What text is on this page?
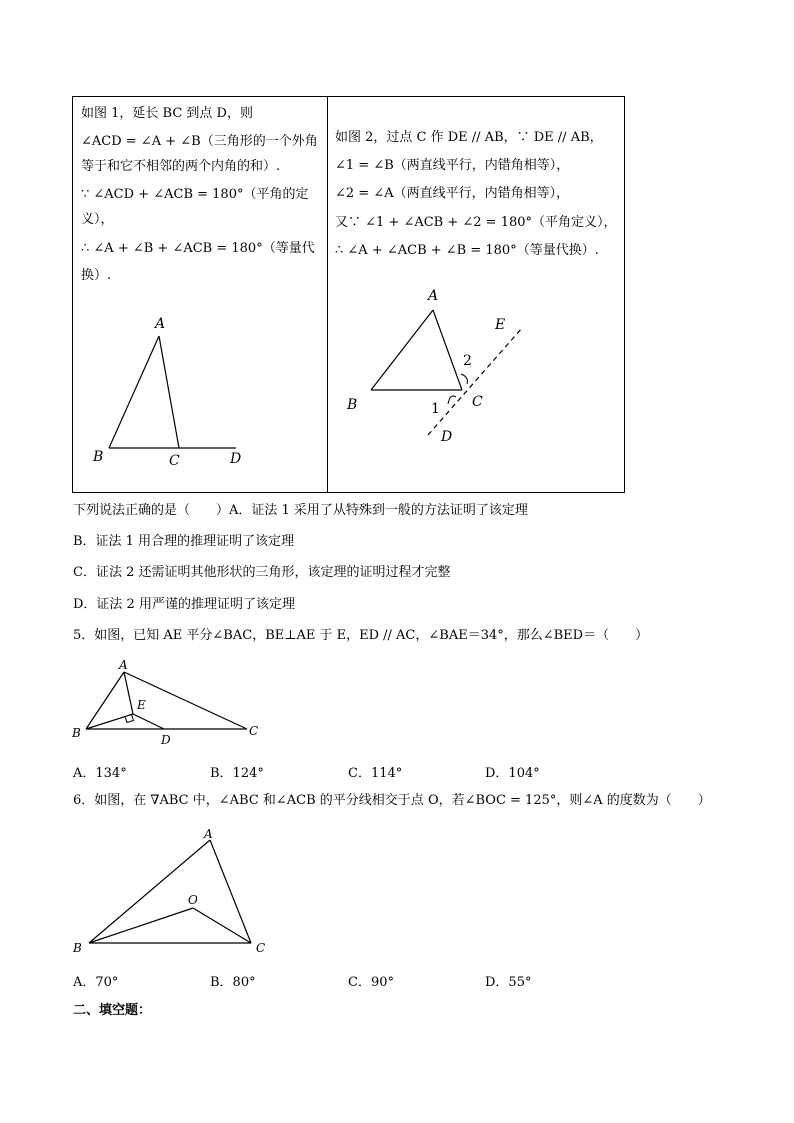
如图 1，延长 BC 到点 D，则
∠ACD = ∠A + ∠B（三角形的一个外角
等于和它不相邻的两个内角的和）.
∵ ∠ACD + ∠ACB = 180°（平角的定
义），
∴ ∠A + ∠B + ∠ACB = 180°（等量代
换）.
A
B	C	D
如图 2，过点 C 作 DE // AB，∵ DE // AB，
∠1 = ∠B（两直线平行，内错角相等），
∠2 = ∠A（两直线平行，内错角相等），
又∵ ∠1 + ∠ACB + ∠2 = 180°（平角定义），
∴ ∠A + ∠ACB + ∠B = 180°（等量代换）.
A
B	C
D
E
1
2
下列说法正确的是（　　）A．证法 1 采用了从特殊到一般的方法证明了该定理
B．证法 1 用合理的推理证明了该定理
C．证法 2 还需证明其他形状的三角形，该定理的证明过程才完整
D．证法 2 用严谨的推理证明了该定理
5．如图，已知 AE 平分∠BAC，BE⊥AE 于 E，ED // AC，∠BAE＝34°，那么∠BED＝（　　）
A
B	C
D
E
A．134°	B．124°	C．114°	D．104°
6．如图，在 ∇ABC 中，∠ABC 和∠ACB 的平分线相交于点 O，若∠BOC = 125°，则∠A 的度数为（　　）
A
B	C
O
A．70°	B．80°	C．90°	D．55°
二、填空题：
